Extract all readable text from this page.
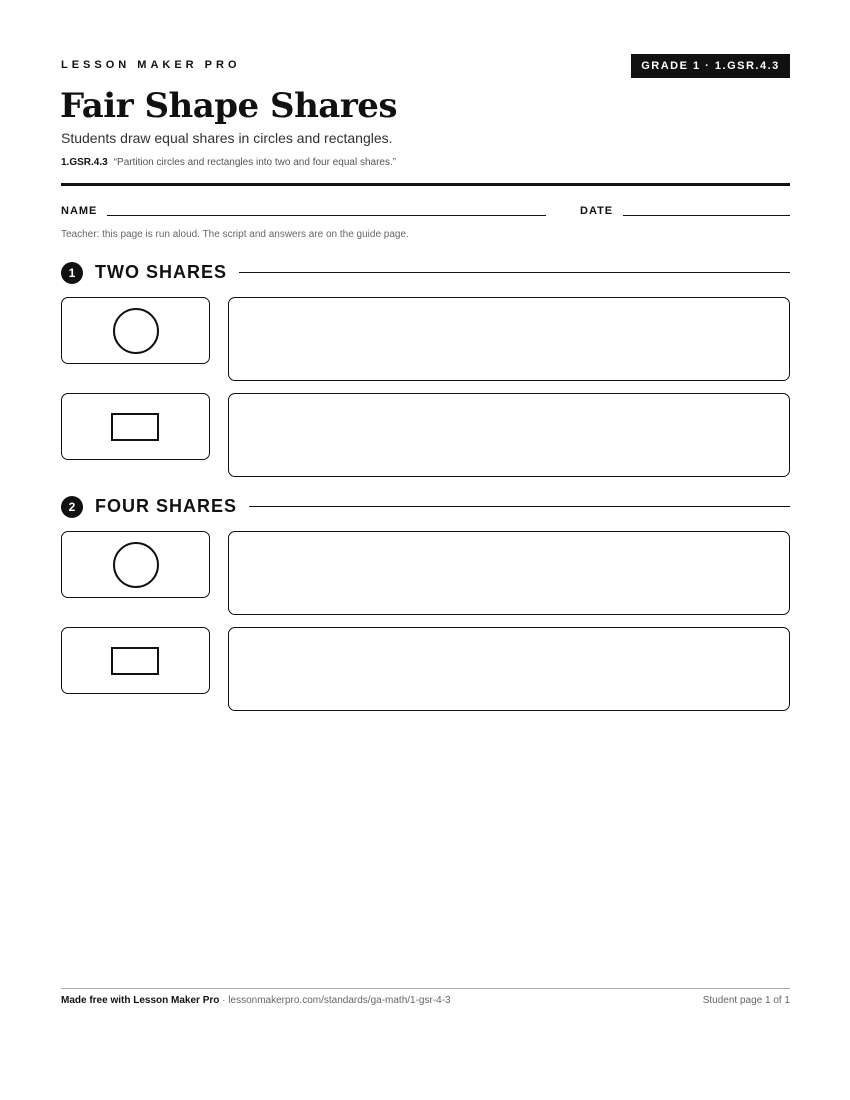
LESSON MAKER PRO	GRADE 1 · 1.GSR.4.3
Fair Shape Shares
Students draw equal shares in circles and rectangles.
1.GSR.4.3 “Partition circles and rectangles into two and four equal shares.”
NAME	DATE
Teacher: this page is run aloud. The script and answers are on the guide page.
1	TWO SHARES
2	FOUR SHARES
Made free with Lesson Maker Pro · lessonmakerpro.com/standards/ga-math/1-gsr-4-3	Student page 1 of 1
